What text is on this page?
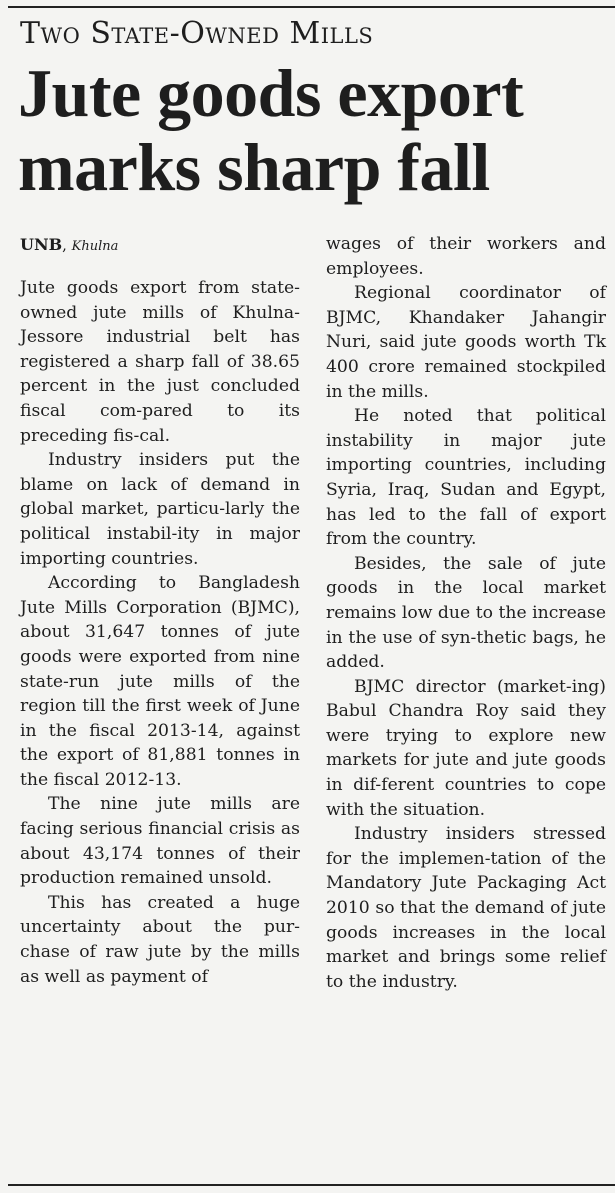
Two State-Owned Mills
Jute goods export
marks sharp fall
UNB, Khulna

Jute goods export from state-owned jute mills of Khulna-Jessore industrial belt has registered a sharp fall of 38.65 percent in the just concluded fiscal com-pared to its preceding fis-cal.

Industry insiders put the blame on lack of demand in global market, particu-larly the political instabil-ity in major importing countries.

According to Bangladesh Jute Mills Corporation (BJMC), about 31,647 tonnes of jute goods were exported from nine state-run jute mills of the region till the first week of June in the fiscal 2013-14, against the export of 81,881 tonnes in the fiscal 2012-13.

The nine jute mills are facing serious financial crisis as about 43,174 tonnes of their production remained unsold.

This has created a huge uncertainty about the pur-chase of raw jute by the mills as well as payment of

wages of their workers and employees.

Regional coordinator of BJMC, Khandaker Jahangir Nuri, said jute goods worth Tk 400 crore remained stockpiled in the mills.

He noted that political instability in major jute importing countries, including Syria, Iraq, Sudan and Egypt, has led to the fall of export from the country.

Besides, the sale of jute goods in the local market remains low due to the increase in the use of syn-thetic bags, he added.

BJMC director (market-ing) Babul Chandra Roy said they were trying to explore new markets for jute and jute goods in dif-ferent countries to cope with the situation.

Industry insiders stressed for the implemen-tation of the Mandatory Jute Packaging Act 2010 so that the demand of jute goods increases in the local market and brings some relief to the industry.
